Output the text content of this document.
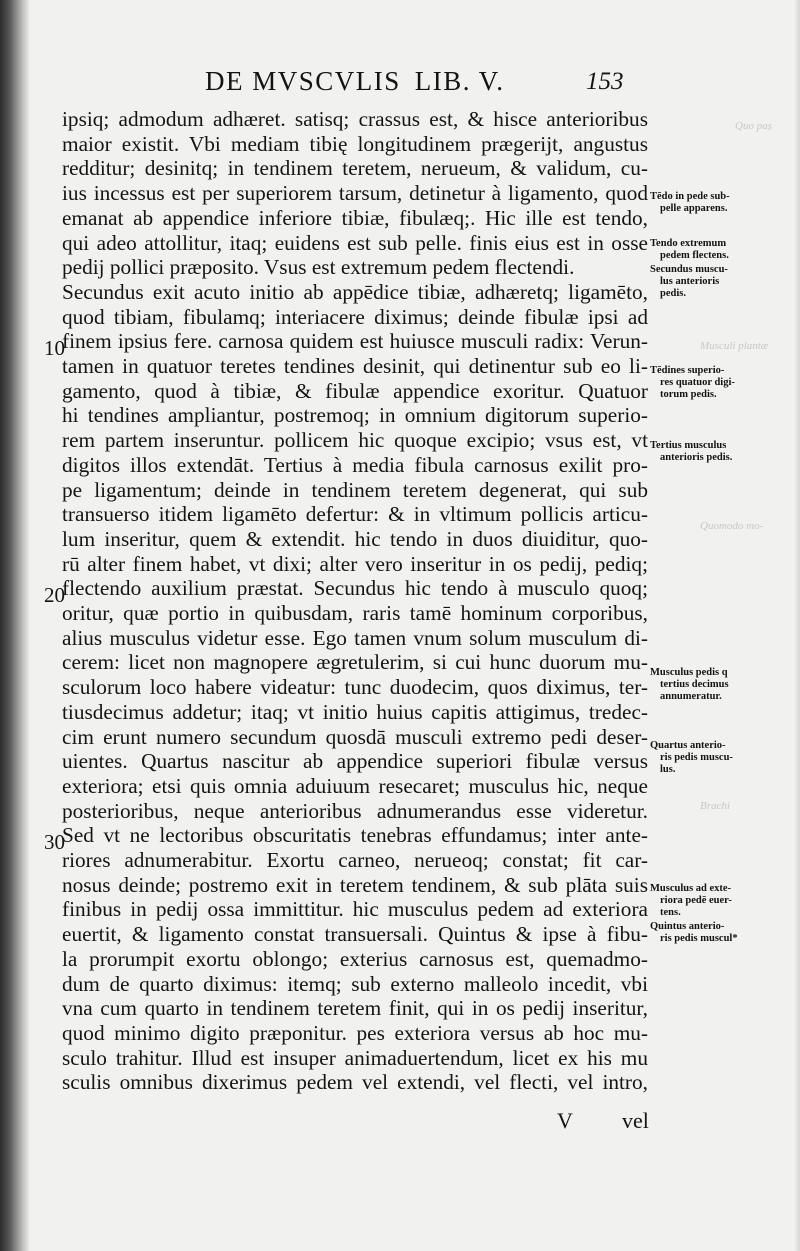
DE MVSCVLIS LIB. V.	153
ipsiq; admodum adhæret. satisq; crassus est, & hisce anterioribus
maior existit. Vbi mediam tibię longitudinem prægerijt, angustus
redditur; desinitq; in tendinem teretem, nerueum, & validum, cu-
ius incessus est per superiorem tarsum, detinetur à ligamento, quod
emanat ab appendice inferiore tibiæ, fibulæq;. Hic ille est tendo,
qui adeo attollitur, itaq; euidens est sub pelle. finis eius est in osse
pedij pollici præposito. Vsus est extremum pedem flectendi.
Secundus exit acuto initio ab appēdice tibiæ, adhæretq; ligamēto,
quod tibiam, fibulamq; interiacere diximus; deinde fibulæ ipsi ad
finem ipsius fere. carnosa quidem est huiusce musculi radix: Verun-
tamen in quatuor teretes tendines desinit, qui detinentur sub eo li-
gamento, quod à tibiæ, & fibulæ appendice exoritur. Quatuor
hi tendines ampliantur, postremoq; in omnium digitorum superio-
rem partem inseruntur. pollicem hic quoque excipio; vsus est, vt
digitos illos extendāt. Tertius à media fibula carnosus exilit pro-
pe ligamentum; deinde in tendinem teretem degenerat, qui sub
transuerso itidem ligamēto defertur: & in vltimum pollicis articu-
lum inseritur, quem & extendit. hic tendo in duos diuiditur, quo-
rū alter finem habet, vt dixi; alter vero inseritur in os pedij, pediq;
flectendo auxilium præstat. Secundus hic tendo à musculo quoq;
oritur, quæ portio in quibusdam, raris tamē hominum corporibus,
alius musculus videtur esse. Ego tamen vnum solum musculum di-
cerem: licet non magnopere ægretulerim, si cui hunc duorum mu-
sculorum loco habere videatur: tunc duodecim, quos diximus, ter-
tiusdecimus addetur; itaq; vt initio huius capitis attigimus, tredec-
cim erunt numero secundum quosdā musculi extremo pedi deser-
uientes. Quartus nascitur ab appendice superiori fibulæ versus
exteriora; etsi quis omnia aduiuum resecaret; musculus hic, neque
posterioribus, neque anterioribus adnumerandus esse videretur.
Sed vt ne lectoribus obscuritatis tenebras effundamus; inter ante-
riores adnumerabitur. Exortu carneo, nerueoq; constat; fit car-
nosus deinde; postremo exit in teretem tendinem, & sub plāta suis
finibus in pedij ossa immittitur. hic musculus pedem ad exteriora
euertit, & ligamento constat transuersali. Quintus & ipse à fibu-
la prorumpit exortu oblongo; exterius carnosus est, quemadmo-
dum de quarto diximus: itemq; sub externo malleolo incedit, vbi
vna cum quarto in tendinem teretem finit, qui in os pedij inseritur,
quod minimo digito præponitur. pes exteriora versus ab hoc mu-
sculo trahitur. Illud est insuper animaduertendum, licet ex his mu
sculis omnibus dixerimus pedem vel extendi, vel flecti, vel intro,
10
20
30
Tēdo in pede sub-
pelle apparens.
Tendo extremum
pedem flectens.
Secundus muscu-
lus anterioris
pedis.
Tēdines superio-
res quatuor digi-
torum pedis.
Tertius musculus
anterioris pedis.
Musculus pedis q
tertius decimus
annumeratur.
Quartus anterio-
ris pedis muscu-
lus.
Musculus ad exte-
riora pedē euer-
tens.
Quintus anterio-
ris pedis muscul*
V vel
Quo paṣ
Musculi plantæ
Quomodo mo‑
Brachi
